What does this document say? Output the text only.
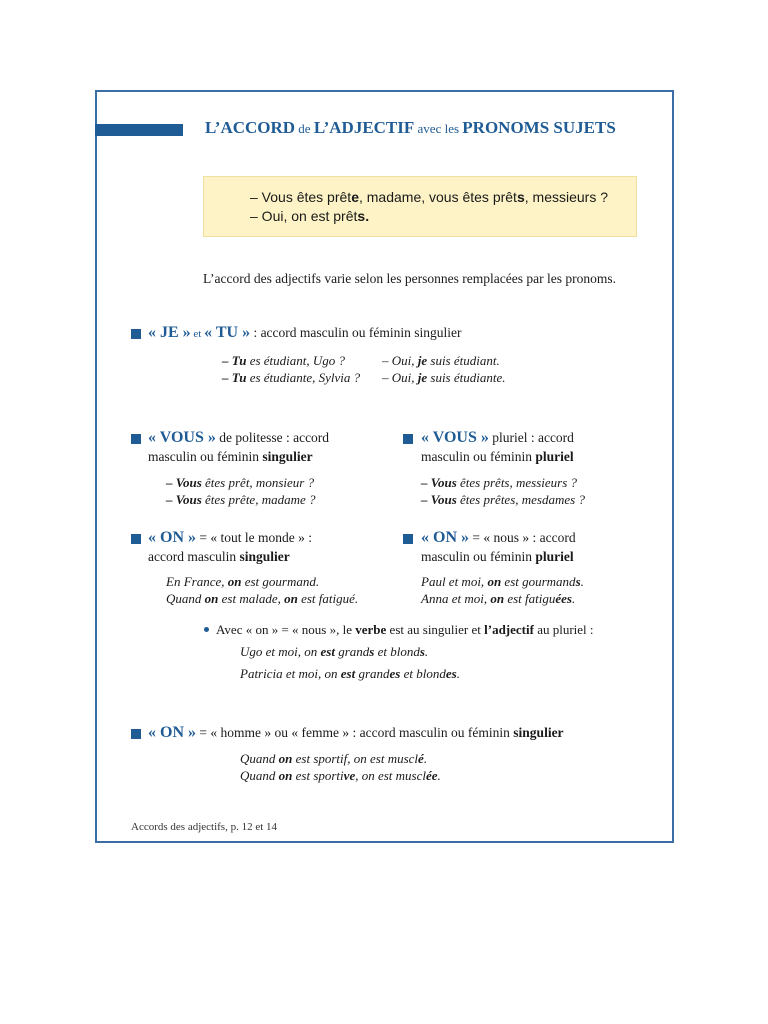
L’ACCORD de L’ADJECTIF avec les PRONOMS SUJETS
– Vous êtes prête, madame, vous êtes prêts, messieurs ?
– Oui, on est prêts.
L’accord des adjectifs varie selon les personnes remplacées par les pronoms.
« JE » et « TU » : accord masculin ou féminin singulier
– Tu es étudiant, Ugo ?
– Tu es étudiante, Sylvia ?
– Oui, je suis étudiant.
– Oui, je suis étudiante.
« VOUS » de politesse : accord
masculin ou féminin singulier
– Vous êtes prêt, monsieur ?
– Vous êtes prête, madame ?
« VOUS » pluriel : accord
masculin ou féminin pluriel
– Vous êtes prêts, messieurs ?
– Vous êtes prêtes, mesdames ?
« ON » = « tout le monde » :
accord masculin singulier
En France, on est gourmand.
Quand on est malade, on est fatigué.
« ON » = « nous » : accord
masculin ou féminin pluriel
Paul et moi, on est gourmands.
Anna et moi, on est fatiguées.
Avec « on » = « nous », le verbe est au singulier et l’adjectif au pluriel :
Ugo et moi, on est grands et blonds.
Patricia et moi, on est grandes et blondes.
« ON » = « homme » ou « femme » : accord masculin ou féminin singulier
Quand on est sportif, on est musclé.
Quand on est sportive, on est musclée.
Accords des adjectifs, p. 12 et 14
